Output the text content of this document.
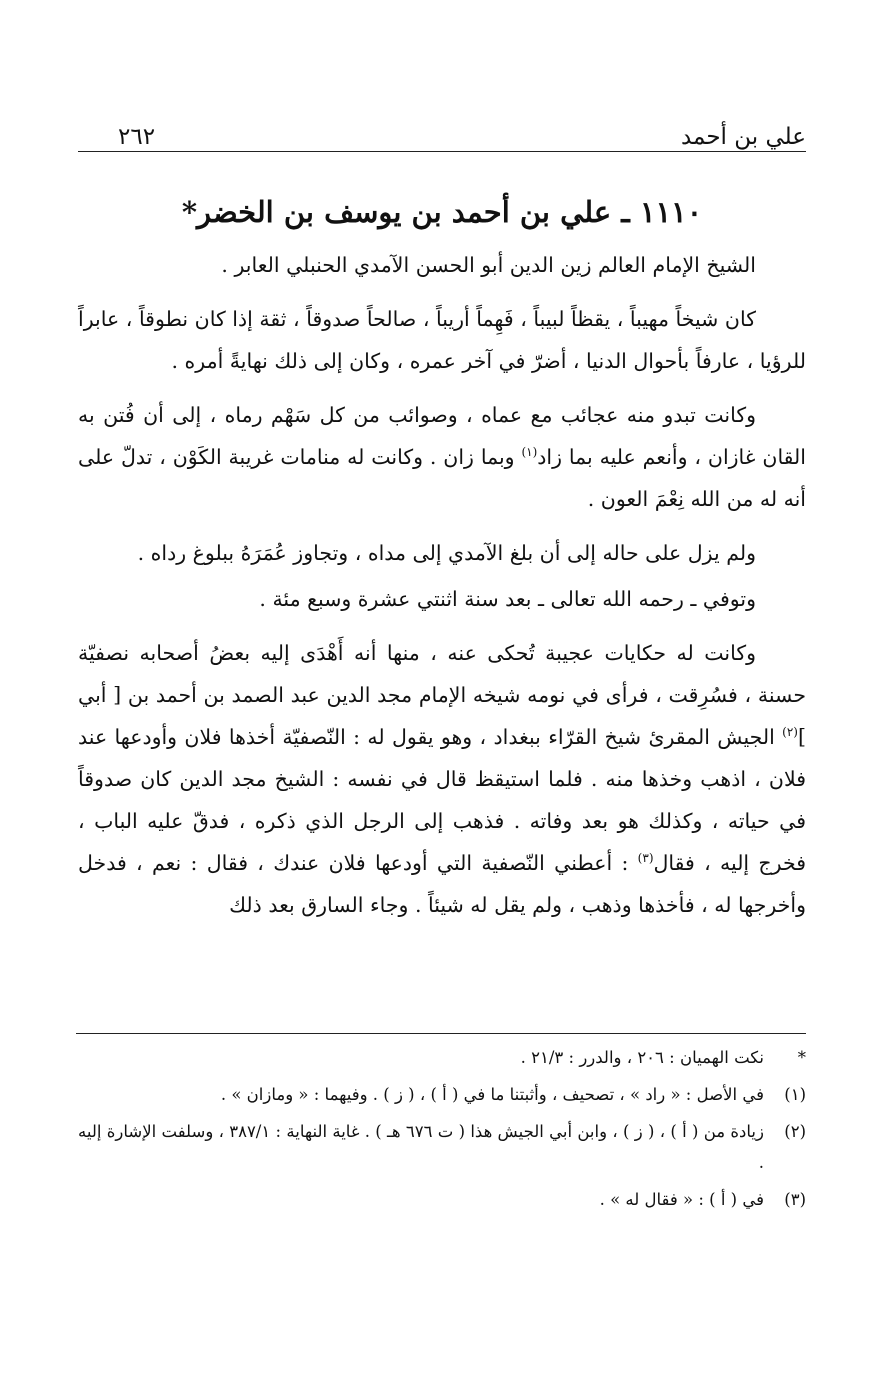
علي بن أحمد
٢٦٢
١١١٠ ـ علي بن أحمد بن يوسف بن الخضر*

الشيخ الإمام العالم زين الدين أبو الحسن الآمدي الحنبلي العابر .

كان شيخاً مهيباً ، يقظاً لبيباً ، فَهِماً أريباً ، صالحاً صدوقاً ، ثقة إذا كان نطوقاً ، عابراً للرؤيا ، عارفاً بأحوال الدنيا ، أضرّ في آخر عمره ، وكان إلى ذلك نهايةً أمره .

وكانت تبدو منه عجائب مع عماه ، وصوائب من كل سَهْم رماه ، إلى أن فُتن به القان غازان ، وأنعم عليه بما زاد$^{(١)}$ وبما زان . وكانت له منامات غريبة الكَوْن ، تدلّ على أنه له من الله نِعْمَ العون .

ولم يزل على حاله إلى أن بلغ الآمدي إلى مداه ، وتجاوز عُمَرَهُ ببلوغ رداه .

وتوفي ـ رحمه الله تعالى ـ بعد سنة اثنتي عشرة وسبع مئة .

وكانت له حكايات عجيبة تُحكى عنه ، منها أنه أَهْدَى إليه بعضُ أصحابه نصفيّة حسنة ، فسُرِقت ، فرأى في نومه شيخه الإمام مجد الدين عبد الصمد بن أحمد بن [ أبي ]$^{(٢)}$ الجيش المقرئ شيخ القرّاء ببغداد ، وهو يقول له : النّصفيّة أخذها فلان وأودعها عند فلان ، اذهب وخذها منه . فلما استيقظ قال في نفسه : الشيخ مجد الدين كان صدوقاً في حياته ، وكذلك هو بعد وفاته . فذهب إلى الرجل الذي ذكره ، فدقّ عليه الباب ، فخرج إليه ، فقال$^{(٣)}$ : أعطني النّصفية التي أودعها فلان عندك ، فقال : نعم ، فدخل وأخرجها له ، فأخذها وذهب ، ولم يقل له شيئاً . وجاء السارق بعد ذلك

*
نكت الهميان : ٢٠٦ ، والدرر : ٢١/٣ .
(١)
في الأصل : « راد » ، تصحيف ، وأثبتنا ما في ( أ ) ، ( ز ) . وفيهما : « ومازان » .
(٢)
زيادة من ( أ ) ، ( ز ) ، وابن أبي الجيش هذا ( ت ٦٧٦ هـ ) . غاية النهاية : ٣٨٧/١ ، وسلفت الإشارة إليه .
(٣)
في ( أ ) : « فقال له » .
